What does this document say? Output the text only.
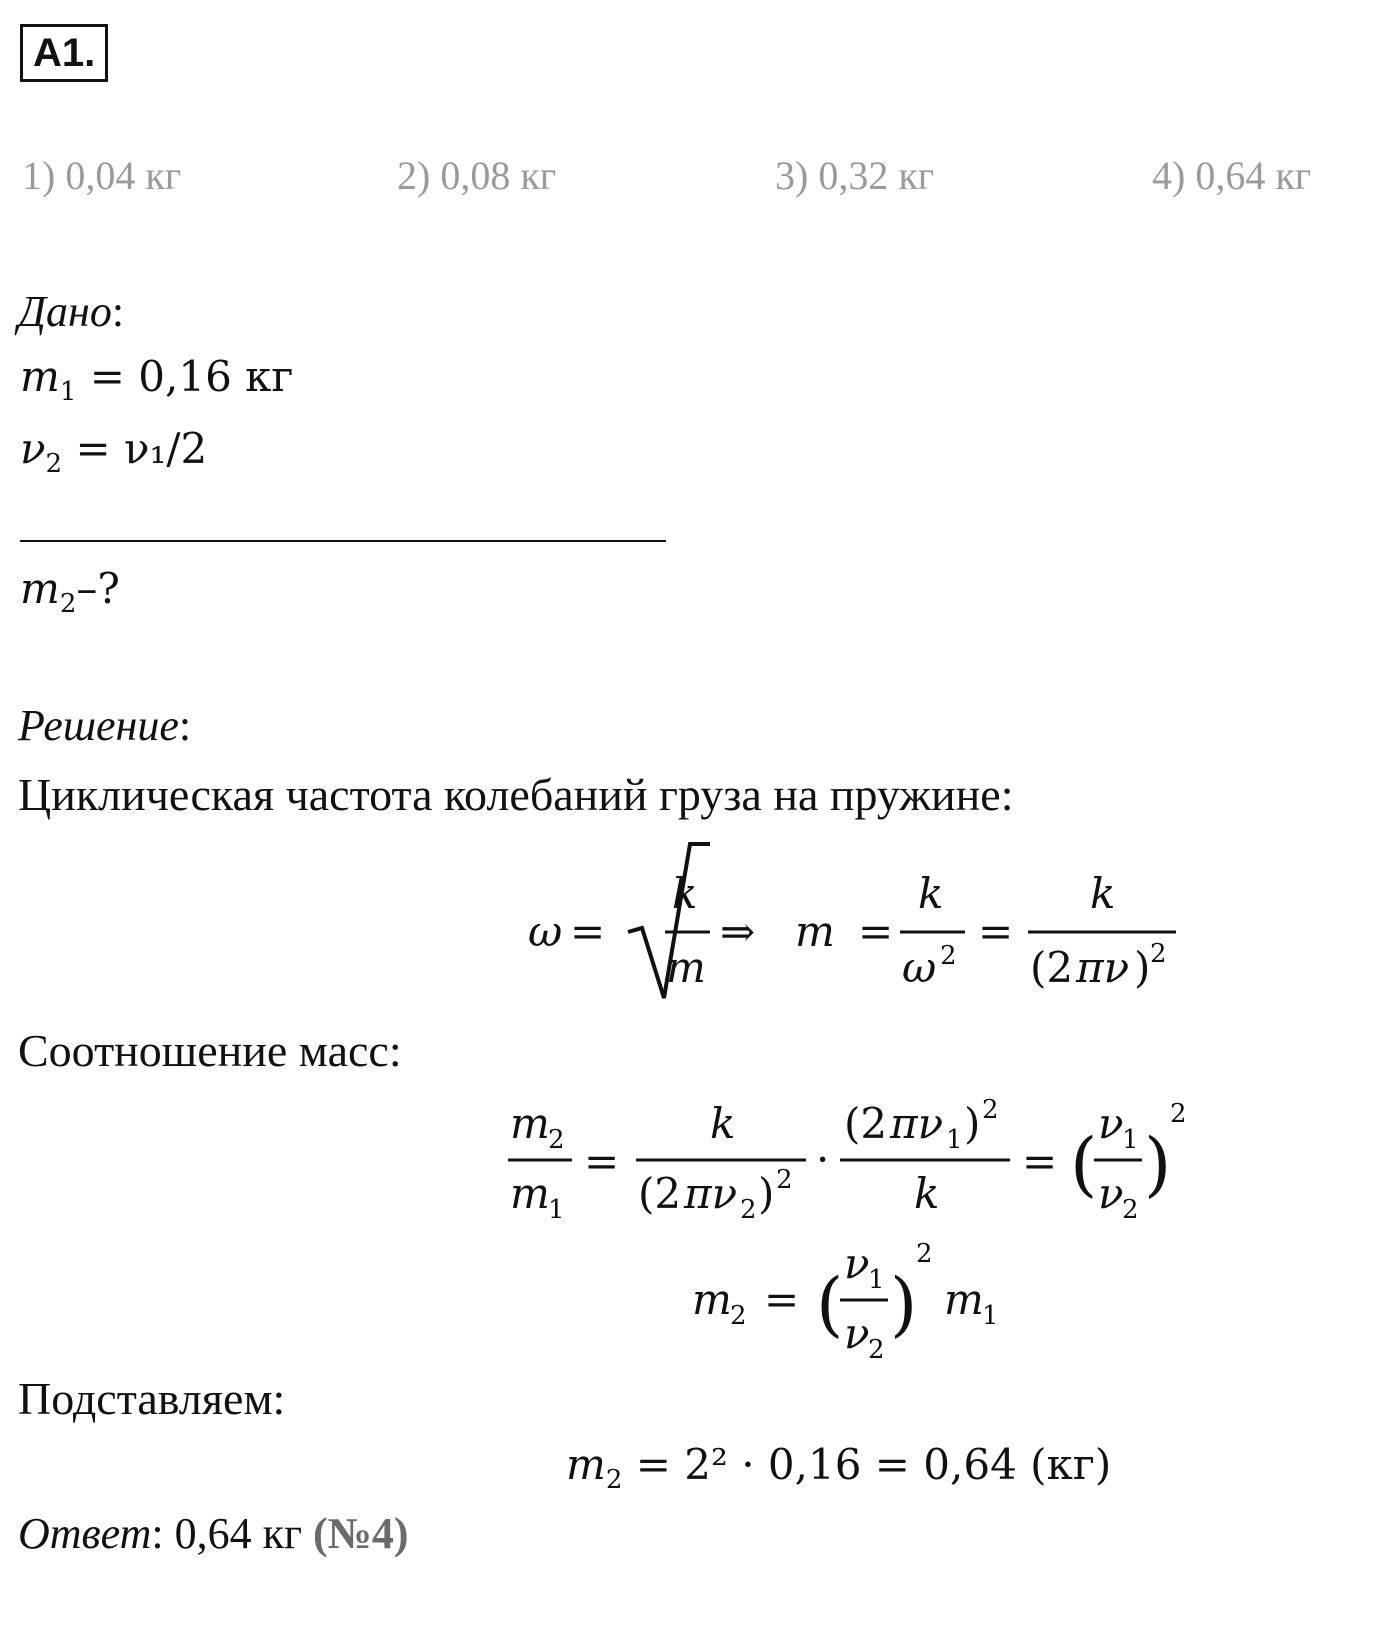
А1.
1) 0,04 кг	2) 0,08 кг	3) 0,32 кг	4) 0,64 кг
Дано:
$m_1 = 0,16$ кг
$\nu_2 = \nu_1/2$
$m_2-$?
Решение:
Циклическая частота колебаний груза на пружине:
ω =
k
m
⇒ m =
k
ω 2 =
k
(2 πν ) 2
Соотношение масс:
m
2
m
1
=
k
(2 πν 2 ) 2 ·
(2 πν 1 ) 2
k
= ( ν
1
ν
2
)
2
m
2 = ( ν
1
ν
2
)
2
m
1
Подставляем:
$m_2 = 2^2 \cdot 0,16 = 0,64$ (кг)
Ответ: 0,64 кг (№4)
